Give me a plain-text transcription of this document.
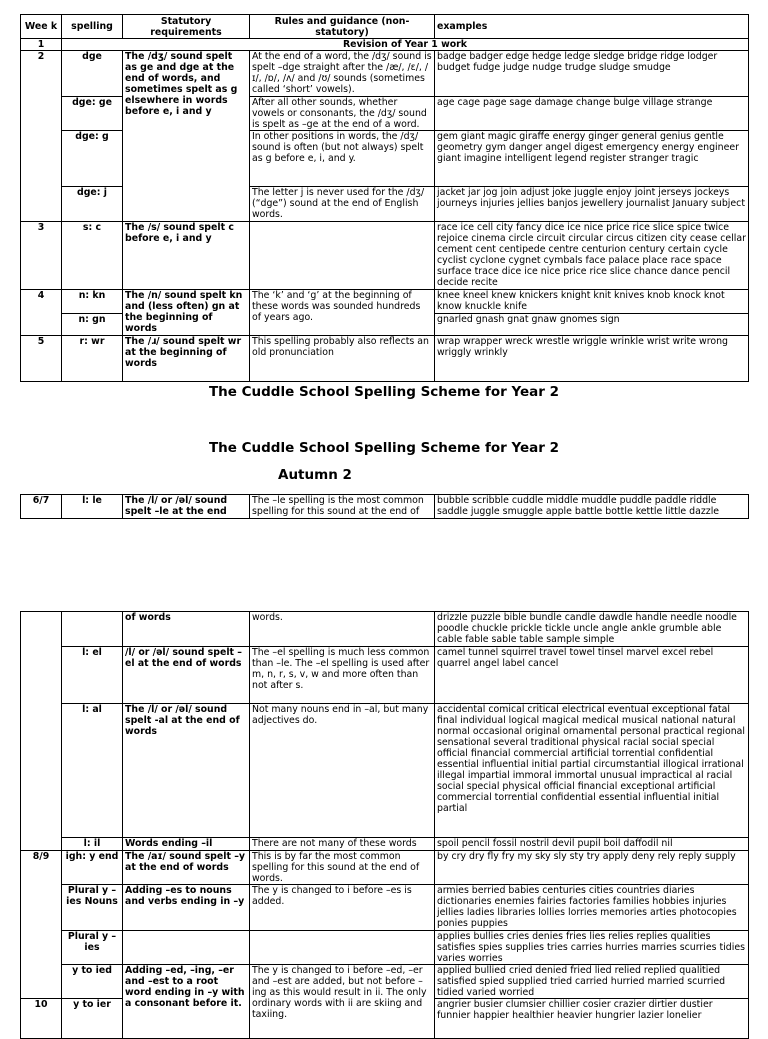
Wee k	spelling	Statutory requirements	Rules and guidance (non-statutory)	examples
1	Revision of Year 1 work			
2	dge	The /dʒ/ sound spelt as ge and dge at the end of words, and sometimes spelt as g elsewhere in words before e, i and y	At the end of a word, the /dʒ/ sound is spelt –dge straight after the /æ/, /ɛ/, /ɪ/, /ɒ/, /ʌ/ and /ʊ/ sounds (sometimes called ‘short’ vowels).	badge badger edge hedge ledge sledge bridge ridge lodger budget fudge judge nudge trudge sludge smudge
	dge: ge		After all other sounds, whether vowels or consonants, the /dʒ/ sound is spelt as –ge at the end of a word.	age cage page sage damage change bulge village strange
	dge: g		In other positions in words, the /dʒ/ sound is often (but not always) spelt as g before e, i, and y.	gem giant magic giraffe energy ginger general genius gentle geometry gym danger angel digest emergency energy engineer giant imagine intelligent legend register stranger tragic
	dge: j		The letter j is never used for the /dʒ/ (“dge”) sound at the end of English words.	jacket jar jog join adjust joke juggle enjoy joint jerseys jockeys journeys injuries jellies banjos jewellery journalist January subject
3	s: c	The /s/ sound spelt c before e, i and y		race ice cell city fancy dice ice nice price rice slice spice twice rejoice cinema circle circuit circular circus citizen city cease cellar cement cent centipede centre centurion century certain cycle cyclist cyclone cygnet cymbals face palace place race space surface trace dice ice nice price rice slice chance dance pencil decide recite
4	n: kn	The /n/ sound spelt kn and (less often) gn at the beginning of words	The ‘k’ and ‘g’ at the beginning of these words was sounded hundreds of years ago.	knee kneel knew knickers knight knit knives knob knock knot know knuckle knife
	n: gn			gnarled gnash gnat gnaw gnomes sign
5	r: wr	The /ɹ/ sound spelt wr at the beginning of words	This spelling probably also reflects an old pronunciation	wrap wrapper wreck wrestle wriggle wrinkle wrist write wrong wriggly wrinkly
The Cuddle School Spelling Scheme for Year 2
The Cuddle School Spelling Scheme for Year 2
Autumn 2
6/7	l: le	The /l/ or /əl/ sound spelt –le at the end	The –le spelling is the most common spelling for this sound at the end of	bubble scribble cuddle middle muddle puddle paddle riddle saddle juggle smuggle apple battle bottle kettle little dazzle
		of words	words.	drizzle puzzle bible bundle candle dawdle handle needle noodle poodle chuckle prickle tickle uncle angle ankle grumble able cable fable sable table sample simple
	l: el	/l/ or /əl/ sound spelt –el at the end of words	The –el spelling is much less common than –le. The –el spelling is used after m, n, r, s, v, w and more often than not after s.	camel tunnel squirrel travel towel tinsel marvel excel rebel quarrel angel label cancel
	l: al	The /l/ or /əl/ sound spelt -al at the end of words	Not many nouns end in –al, but many adjectives do.	accidental comical critical electrical eventual exceptional fatal final individual logical magical medical musical national natural normal occasional original ornamental personal practical regional sensational several traditional physical racial social special official financial commercial artificial torrential confidential essential influential initial partial circumstantial illogical irrational illegal impartial immoral immortal unusual impractical al racial social special physical official financial exceptional artificial commercial torrential confidential essential influential initial partial
	l: il	Words ending –il	There are not many of these words	spoil pencil fossil nostril devil pupil boil daffodil nil
8/9	igh: y end	The /aɪ/ sound spelt –y at the end of words	This is by far the most common spelling for this sound at the end of words.	by cry dry fly fry my sky sly sty try apply deny rely reply supply
	Plural y – ies Nouns	Adding –es to nouns and verbs ending in –y	The y is changed to i before –es is added.	armies berried babies centuries cities countries diaries dictionaries enemies fairies factories families hobbies injuries jellies ladies libraries lollies lorries memories arties photocopies ponies puppies
	Plural y – ies			applies bullies cries denies fries lies relies replies qualities satisfies spies supplies tries carries hurries marries scurries tidies varies worries
	y to ied	Adding –ed, –ing, –er and –est to a root word ending in –y with a consonant before it.	The y is changed to i before –ed, –er and –est are added, but not before –ing as this would result in ii. The only ordinary words with ii are skiing and taxiing.	applied bullied cried denied fried lied relied replied qualitied satisfied spied supplied tried carried hurried married scurried tidied varied worried
10	y to ier			angrier busier clumsier chillier cosier crazier dirtier dustier funnier happier healthier heavier hungrier lazier lonelier
